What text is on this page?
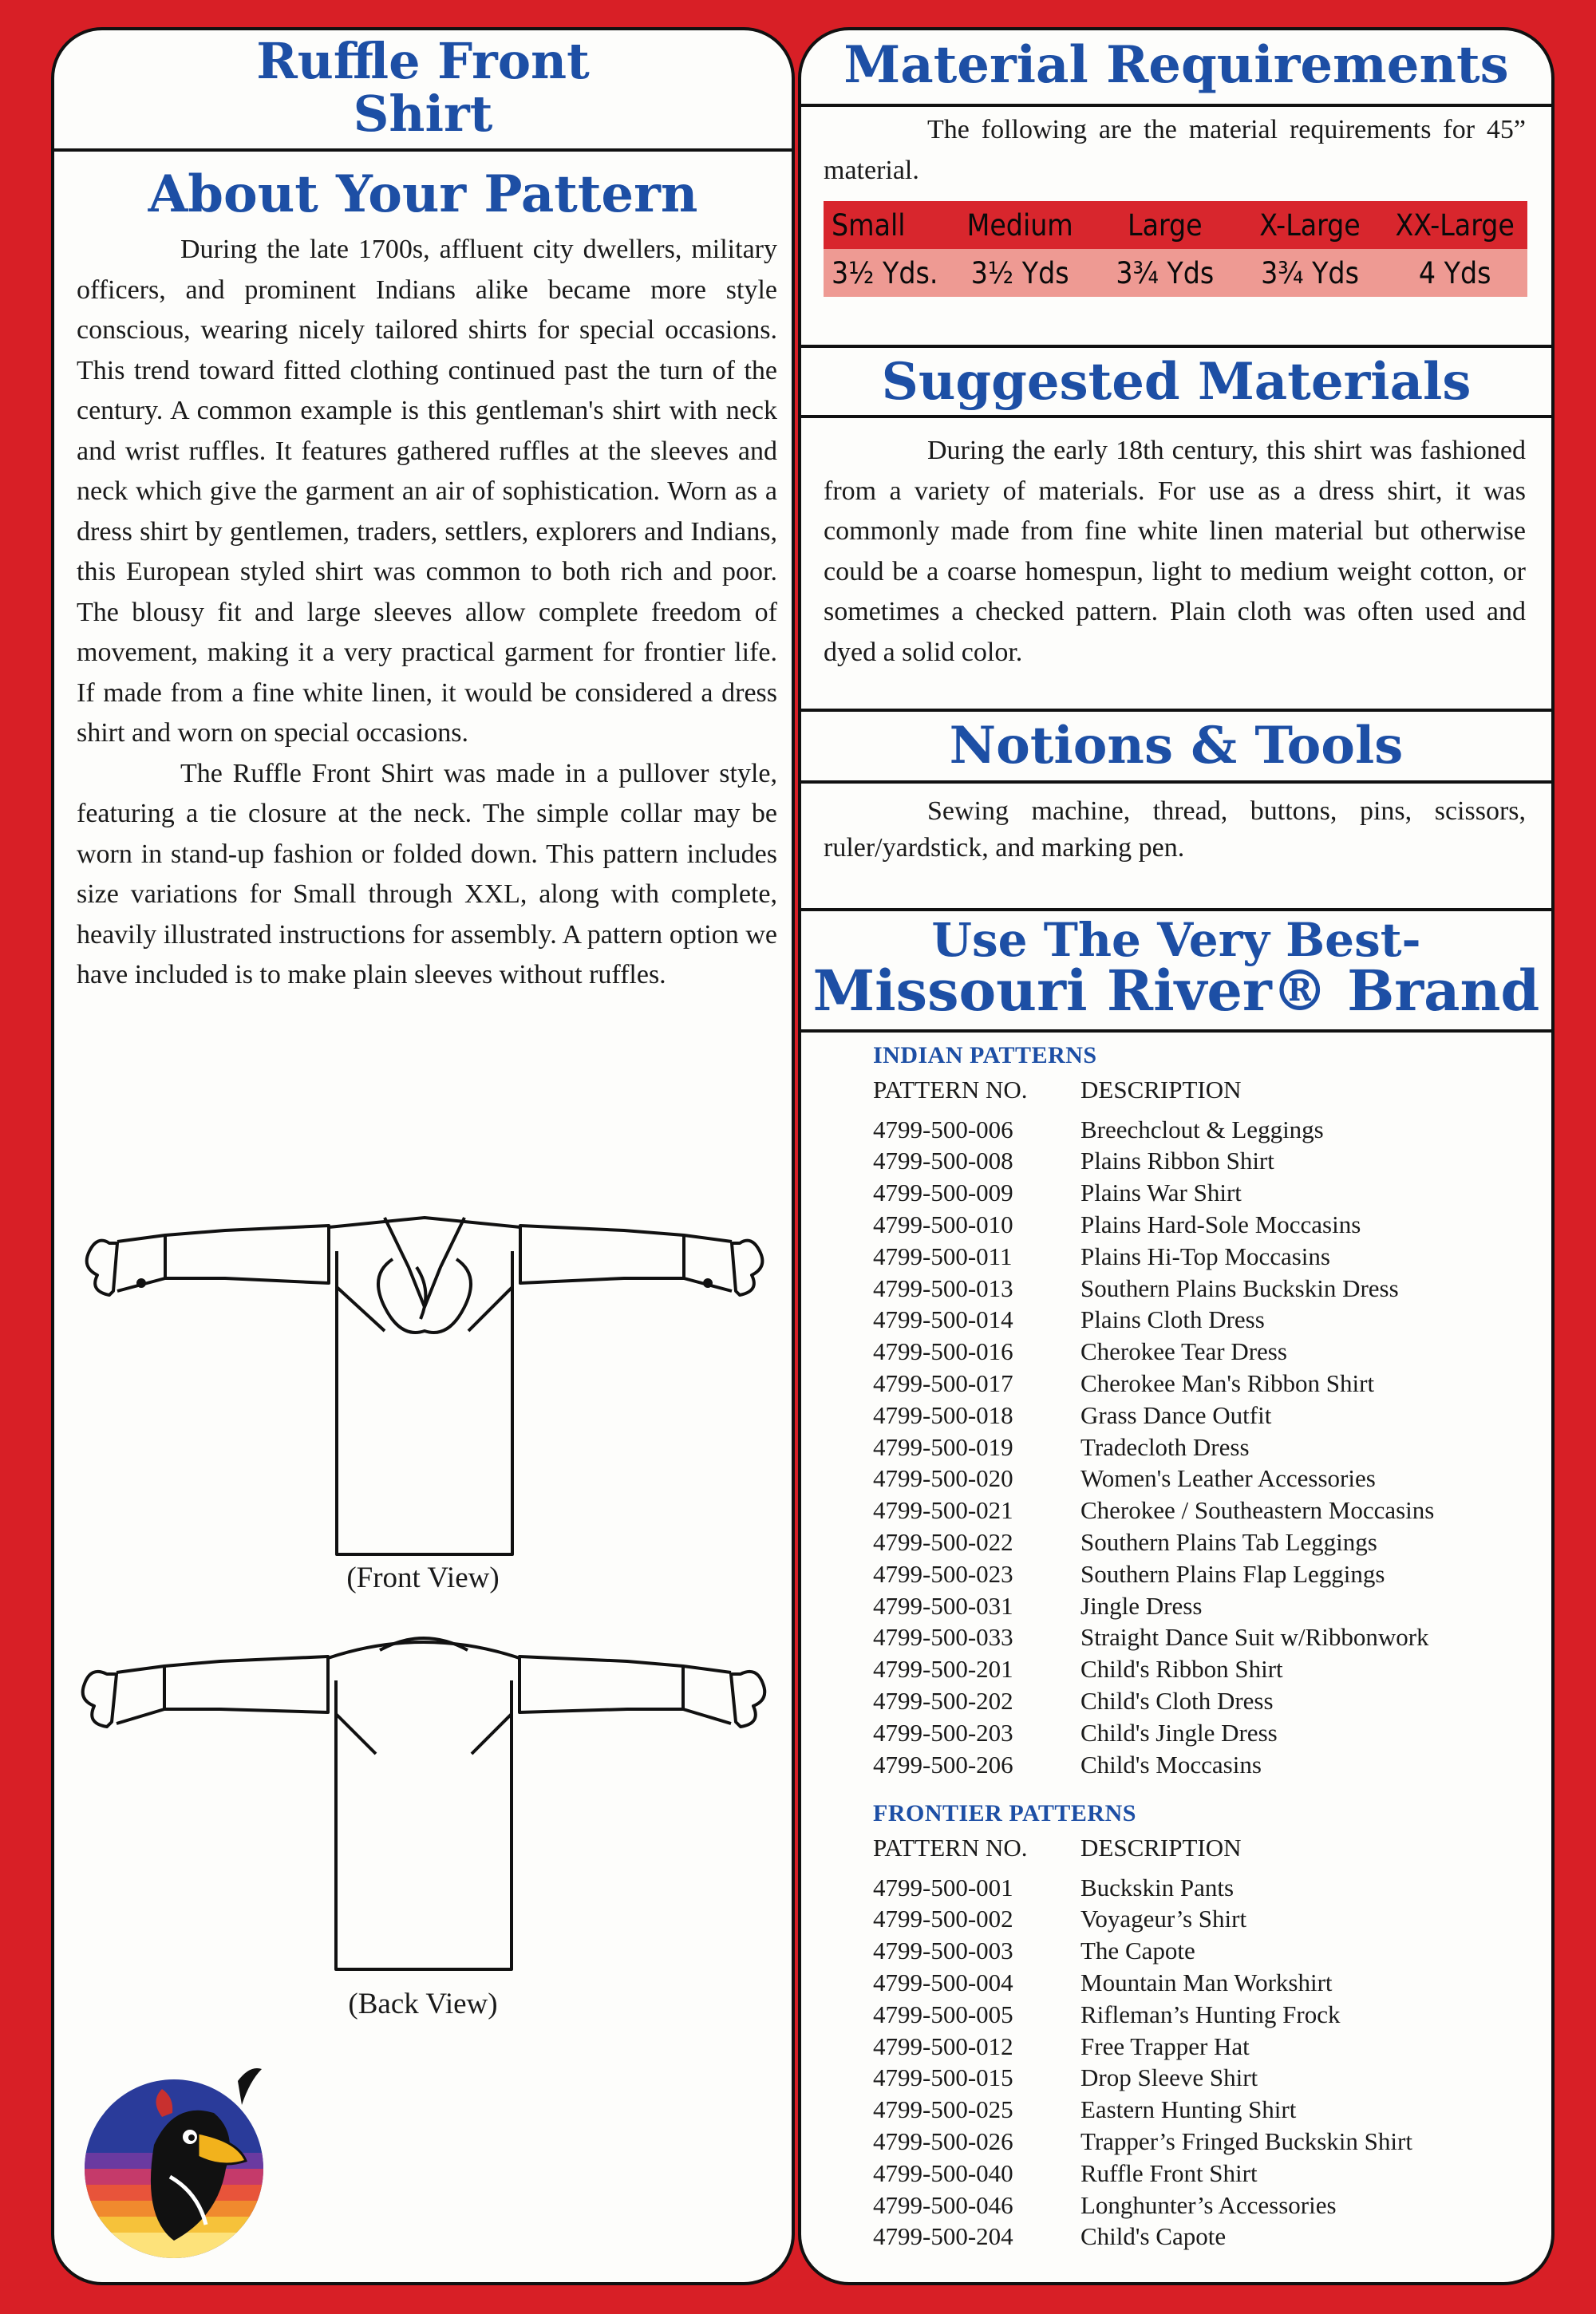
Ruffle Front
Shirt
About Your Pattern

During the late 1700s, affluent city dwellers, military officers, and prominent Indians alike became more style conscious, wearing nicely tailored shirts for special occasions. This trend toward fitted clothing continued past the turn of the century. A common example is this gentleman's shirt with neck and wrist ruffles. It features gathered ruffles at the sleeves and neck which give the garment an air of sophistication. Worn as a dress shirt by gentlemen, traders, settlers, explorers and Indians, this European styled shirt was common to both rich and poor. The blousy fit and large sleeves allow complete freedom of movement, making it a very practical garment for frontier life. If made from a fine white linen, it would be considered a dress shirt and worn on special occasions.

The Ruffle Front Shirt was made in a pullover style, featuring a tie closure at the neck. The simple collar may be worn in stand-up fashion or folded down. This pattern includes size variations for Small through XXL, along with complete, heavily illustrated instructions for assembly. A pattern option we have included is to make plain sleeves without ruffles.

(Front View)
(Back View)
Material Requirements

The following are the material requirements for 45” material.

Small	Medium	Large	X-Large	XX-Large
3½ Yds.	3½ Yds	3¾ Yds	3¾ Yds	4 Yds
Suggested Materials

During the early 18th century, this shirt was fashioned from a variety of materials. For use as a dress shirt, it was commonly made from fine white linen material but otherwise could be a coarse homespun, light to medium weight cotton, or sometimes a checked pattern. Plain cloth was often used and dyed a solid color.

Notions & Tools

Sewing machine, thread, buttons, pins, scissors, ruler/yardstick, and marking pen.

Use The Very Best-
Missouri River® Brand
INDIAN PATTERNS
PATTERN NO.	DESCRIPTION
4799-500-006	Breechclout & Leggings
4799-500-008	Plains Ribbon Shirt
4799-500-009	Plains War Shirt
4799-500-010	Plains Hard-Sole Moccasins
4799-500-011	Plains Hi-Top Moccasins
4799-500-013	Southern Plains Buckskin Dress
4799-500-014	Plains Cloth Dress
4799-500-016	Cherokee Tear Dress
4799-500-017	Cherokee Man's Ribbon Shirt
4799-500-018	Grass Dance Outfit
4799-500-019	Tradecloth Dress
4799-500-020	Women's Leather Accessories
4799-500-021	Cherokee / Southeastern Moccasins
4799-500-022	Southern Plains Tab Leggings
4799-500-023	Southern Plains Flap Leggings
4799-500-031	Jingle Dress
4799-500-033	Straight Dance Suit w/Ribbonwork
4799-500-201	Child's Ribbon Shirt
4799-500-202	Child's Cloth Dress
4799-500-203	Child's Jingle Dress
4799-500-206	Child's Moccasins
FRONTIER PATTERNS
PATTERN NO.	DESCRIPTION
4799-500-001	Buckskin Pants
4799-500-002	Voyageur’s Shirt
4799-500-003	The Capote
4799-500-004	Mountain Man Workshirt
4799-500-005	Rifleman’s Hunting Frock
4799-500-012	Free Trapper Hat
4799-500-015	Drop Sleeve Shirt
4799-500-025	Eastern Hunting Shirt
4799-500-026	Trapper’s Fringed Buckskin Shirt
4799-500-040	Ruffle Front Shirt
4799-500-046	Longhunter’s Accessories
4799-500-204	Child's Capote
